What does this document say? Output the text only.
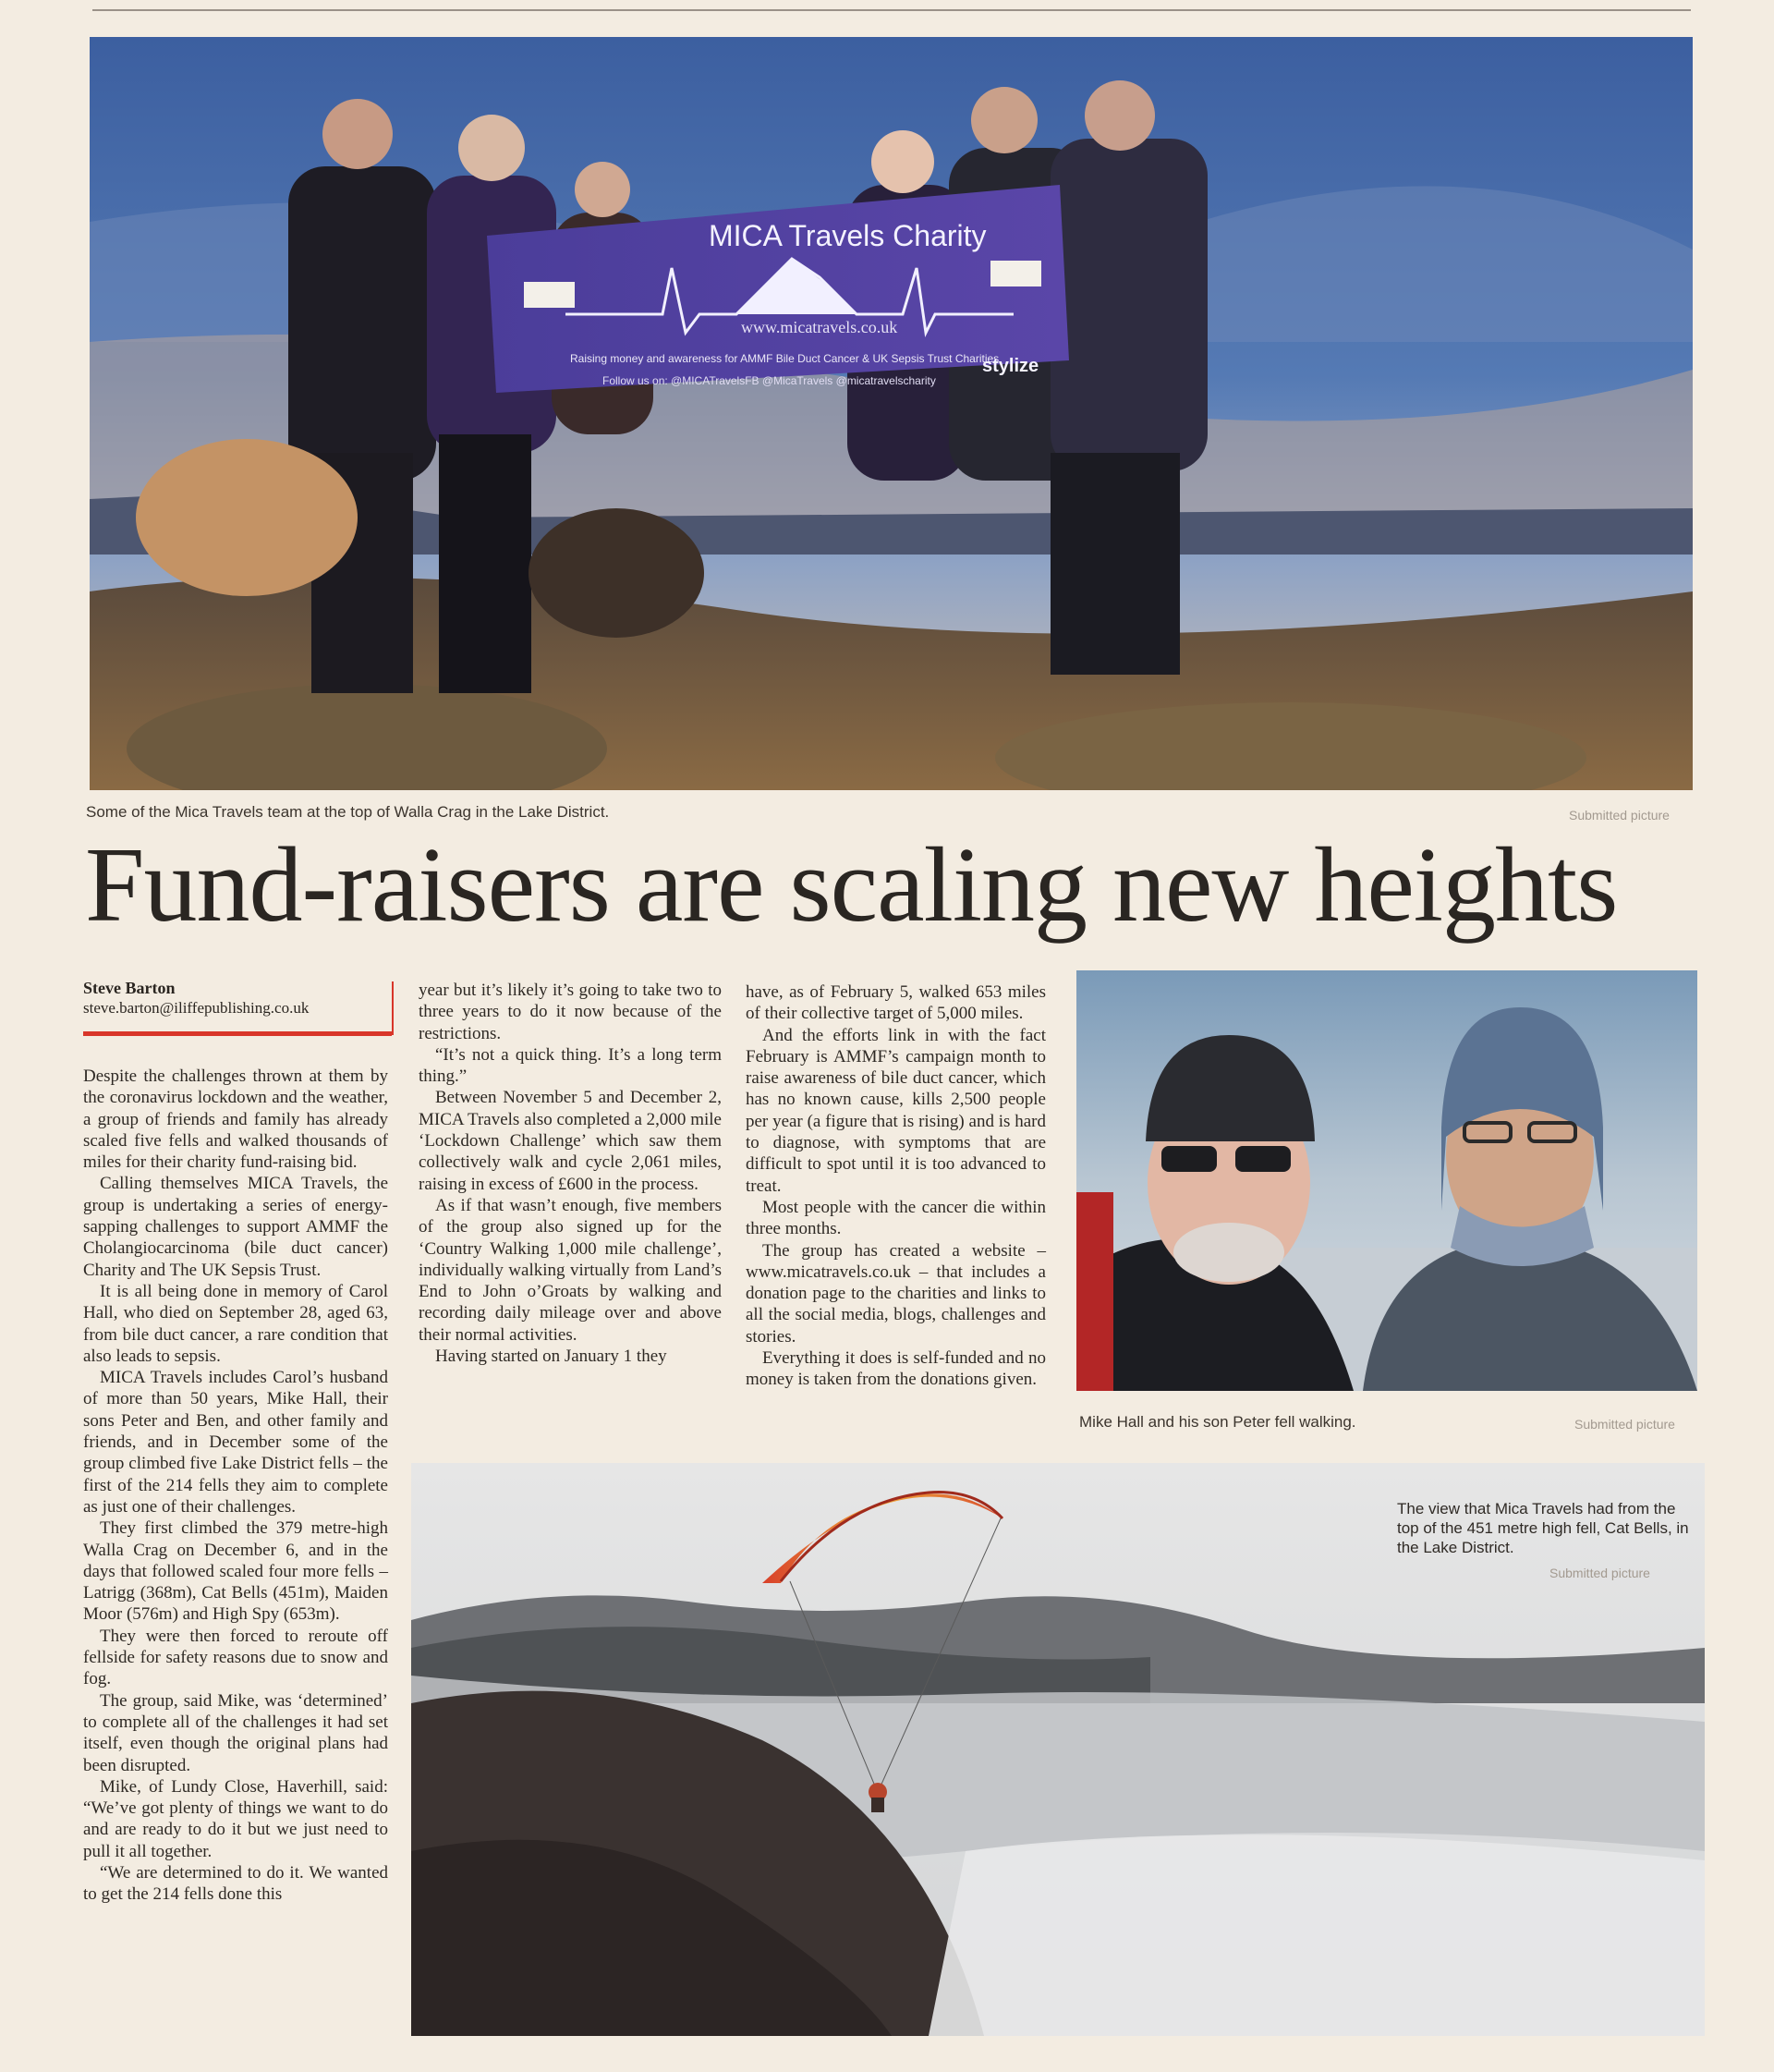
MICA Travels Charity
www.micatravels.co.uk
Raising money and awareness for AMMF Bile Duct Cancer & UK Sepsis Trust Charities
Follow us on: @MICATravelsFB @MicaTravels @micatravelscharity
stylize
Some of the Mica Travels team at the top of Walla Crag in the Lake District.	Submitted picture
Fund-raisers are scaling new heights
Steve Barton
steve.barton@iliffepublishing.co.uk

Despite the challenges thrown at them by the coronavirus lockdown and the weather, a group of friends and family has already scaled five fells and walked thousands of miles for their charity fund-raising bid.

Calling themselves MICA Travels, the group is undertaking a series of energy-sapping challenges to support AMMF the Cholangiocarcinoma (bile duct cancer) Charity and The UK Sepsis Trust.

It is all being done in memory of Carol Hall, who died on September 28, aged 63, from bile duct cancer, a rare condition that also leads to sepsis.

MICA Travels includes Carol’s husband of more than 50 years, Mike Hall, their sons Peter and Ben, and other family and friends, and in December some of the group climbed five Lake District fells – the first of the 214 fells they aim to complete as just one of their challenges.

They first climbed the 379 metre-high Walla Crag on December 6, and in the days that followed scaled four more fells – Latrigg (368m), Cat Bells (451m), Maiden Moor (576m) and High Spy (653m).

They were then forced to reroute off fellside for safety reasons due to snow and fog.

The group, said Mike, was ‘determined’ to complete all of the challenges it had set itself, even though the original plans had been disrupted.

Mike, of Lundy Close, Haverhill, said: “We’ve got plenty of things we want to do and are ready to do it but we just need to pull it all together.

“We are determined to do it. We wanted to get the 214 fells done this

year but it’s likely it’s going to take two to three years to do it now because of the restrictions.

“It’s not a quick thing. It’s a long term thing.”

Between November 5 and December 2, MICA Travels also completed a 2,000 mile ‘Lockdown Challenge’ which saw them collectively walk and cycle 2,061 miles, raising in excess of £600 in the process.

As if that wasn’t enough, five members of the group also signed up for the ‘Country Walking 1,000 mile challenge’, individually walking virtually from Land’s End to John o’Groats by walking and recording daily mileage over and above their normal activities.

Having started on January 1 they

have, as of February 5, walked 653 miles of their collective target of 5,000 miles.

And the efforts link in with the fact February is AMMF’s campaign month to raise awareness of bile duct cancer, which has no known cause, kills 2,500 people per year (a figure that is rising) and is hard to diagnose, with symptoms that are difficult to spot until it is too advanced to treat.

Most people with the cancer die within three months.

The group has created a website – www.micatravels.co.uk – that includes a donation page to the charities and links to all the social media, blogs, challenges and stories.

Everything it does is self-funded and no money is taken from the donations given.

Mike Hall and his son Peter fell walking.	Submitted picture
The view that Mica Travels had from the top of the 451 metre high fell, Cat Bells, in the Lake District.
Submitted picture
